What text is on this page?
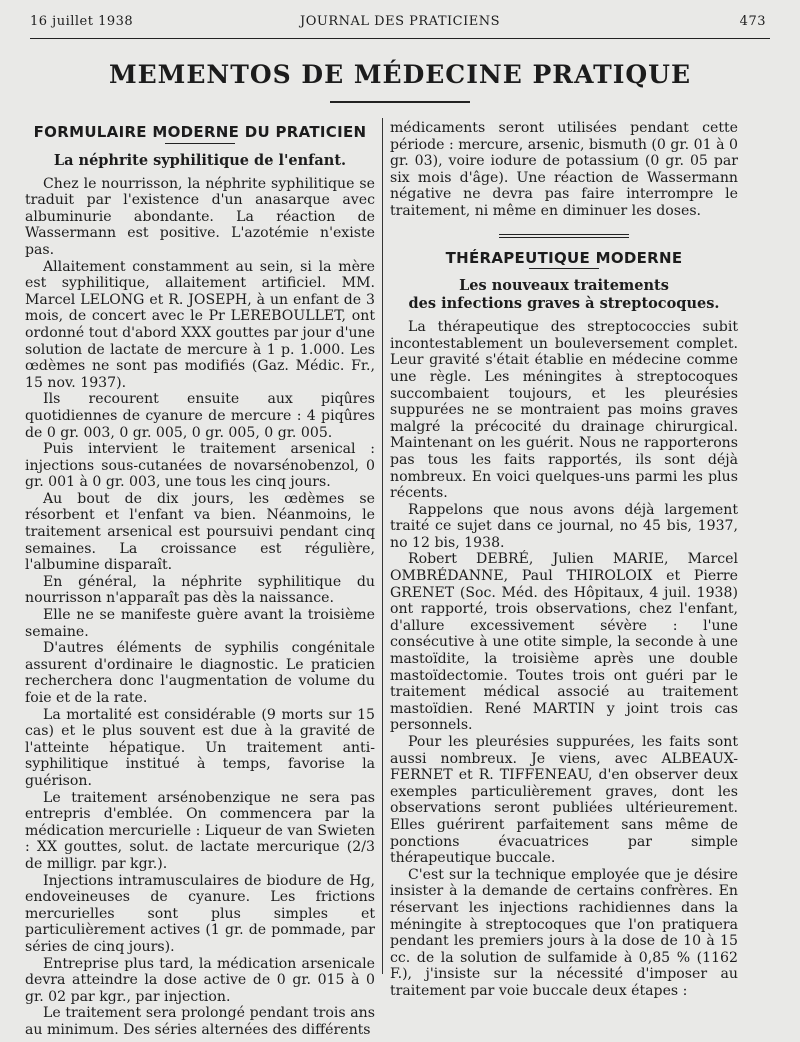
16 juillet 1938	JOURNAL DES PRATICIENS	473
MEMENTOS DE MÉDECINE PRATIQUE
FORMULAIRE MODERNE DU PRATICIEN
La néphrite syphilitique de l'enfant.

Chez le nourrisson, la néphrite syphilitique se traduit par l'existence d'un anasarque avec albuminurie abondante. La réaction de Wassermann est positive. L'azotémie n'existe pas.

Allaitement constamment au sein, si la mère est syphilitique, allaitement artificiel. MM. Marcel LELONG et R. JOSEPH, à un enfant de 3 mois, de concert avec le Pr LEREBOULLET, ont ordonné tout d'abord XXX gouttes par jour d'une solution de lactate de mercure à 1 p. 1.000. Les œdèmes ne sont pas modifiés (Gaz. Médic. Fr., 15 nov. 1937).

Ils recourent ensuite aux piqûres quotidiennes de cyanure de mercure : 4 piqûres de 0 gr. 003, 0 gr. 005, 0 gr. 005, 0 gr. 005.

Puis intervient le traitement arsenical : injections sous-cutanées de novarsénobenzol, 0 gr. 001 à 0 gr. 003, une tous les cinq jours.

Au bout de dix jours, les œdèmes se résorbent et l'enfant va bien. Néanmoins, le traitement arsenical est poursuivi pendant cinq semaines. La croissance est régulière, l'albumine disparaît.

En général, la néphrite syphilitique du nourrisson n'apparaît pas dès la naissance.

Elle ne se manifeste guère avant la troisième semaine.

D'autres éléments de syphilis congénitale assurent d'ordinaire le diagnostic. Le praticien recherchera donc l'augmentation de volume du foie et de la rate.

La mortalité est considérable (9 morts sur 15 cas) et le plus souvent est due à la gravité de l'atteinte hépatique. Un traitement anti-syphilitique institué à temps, favorise la guérison.

Le traitement arsénobenzique ne sera pas entrepris d'emblée. On commencera par la médication mercurielle : Liqueur de van Swieten : XX gouttes, solut. de lactate mercurique (2/3 de milligr. par kgr.).

Injections intramusculaires de biodure de Hg, endoveineuses de cyanure. Les frictions mercurielles sont plus simples et particulièrement actives (1 gr. de pommade, par séries de cinq jours).

Entreprise plus tard, la médication arsenicale devra atteindre la dose active de 0 gr. 015 à 0 gr. 02 par kgr., par injection.

Le traitement sera prolongé pendant trois ans au minimum. Des séries alternées des différents

médicaments seront utilisées pendant cette période : mercure, arsenic, bismuth (0 gr. 01 à 0 gr. 03), voire iodure de potassium (0 gr. 05 par six mois d'âge). Une réaction de Wassermann négative ne devra pas faire interrompre le traitement, ni même en diminuer les doses.

THÉRAPEUTIQUE MODERNE
Les nouveaux traitements
des infections graves à streptocoques.

La thérapeutique des streptococcies subit incontestablement un bouleversement complet. Leur gravité s'était établie en médecine comme une règle. Les méningites à streptocoques succombaient toujours, et les pleurésies suppurées ne se montraient pas moins graves malgré la précocité du drainage chirurgical. Maintenant on les guérit. Nous ne rapporterons pas tous les faits rapportés, ils sont déjà nombreux. En voici quelques-uns parmi les plus récents.

Rappelons que nous avons déjà largement traité ce sujet dans ce journal, no 45 bis, 1937, no 12 bis, 1938.

Robert DEBRÉ, Julien MARIE, Marcel OMBRÉDANNE, Paul THIROLOIX et Pierre GRENET (Soc. Méd. des Hôpitaux, 4 juil. 1938) ont rapporté, trois observations, chez l'enfant, d'allure excessivement sévère : l'une consécutive à une otite simple, la seconde à une mastoïdite, la troisième après une double mastoïdectomie. Toutes trois ont guéri par le traitement médical associé au traitement mastoïdien. René MARTIN y joint trois cas personnels.

Pour les pleurésies suppurées, les faits sont aussi nombreux. Je viens, avec ALBEAUX-FERNET et R. TIFFENEAU, d'en observer deux exemples particulièrement graves, dont les observations seront publiées ultérieurement. Elles guérirent parfaitement sans même de ponctions évacuatrices par simple thérapeutique buccale.

C'est sur la technique employée que je désire insister à la demande de certains confrères. En réservant les injections rachidiennes dans la méningite à streptocoques que l'on pratiquera pendant les premiers jours à la dose de 10 à 15 cc. de la solution de sulfamide à 0,85 % (1162 F.), j'insiste sur la nécessité d'imposer au traitement par voie buccale deux étapes :
